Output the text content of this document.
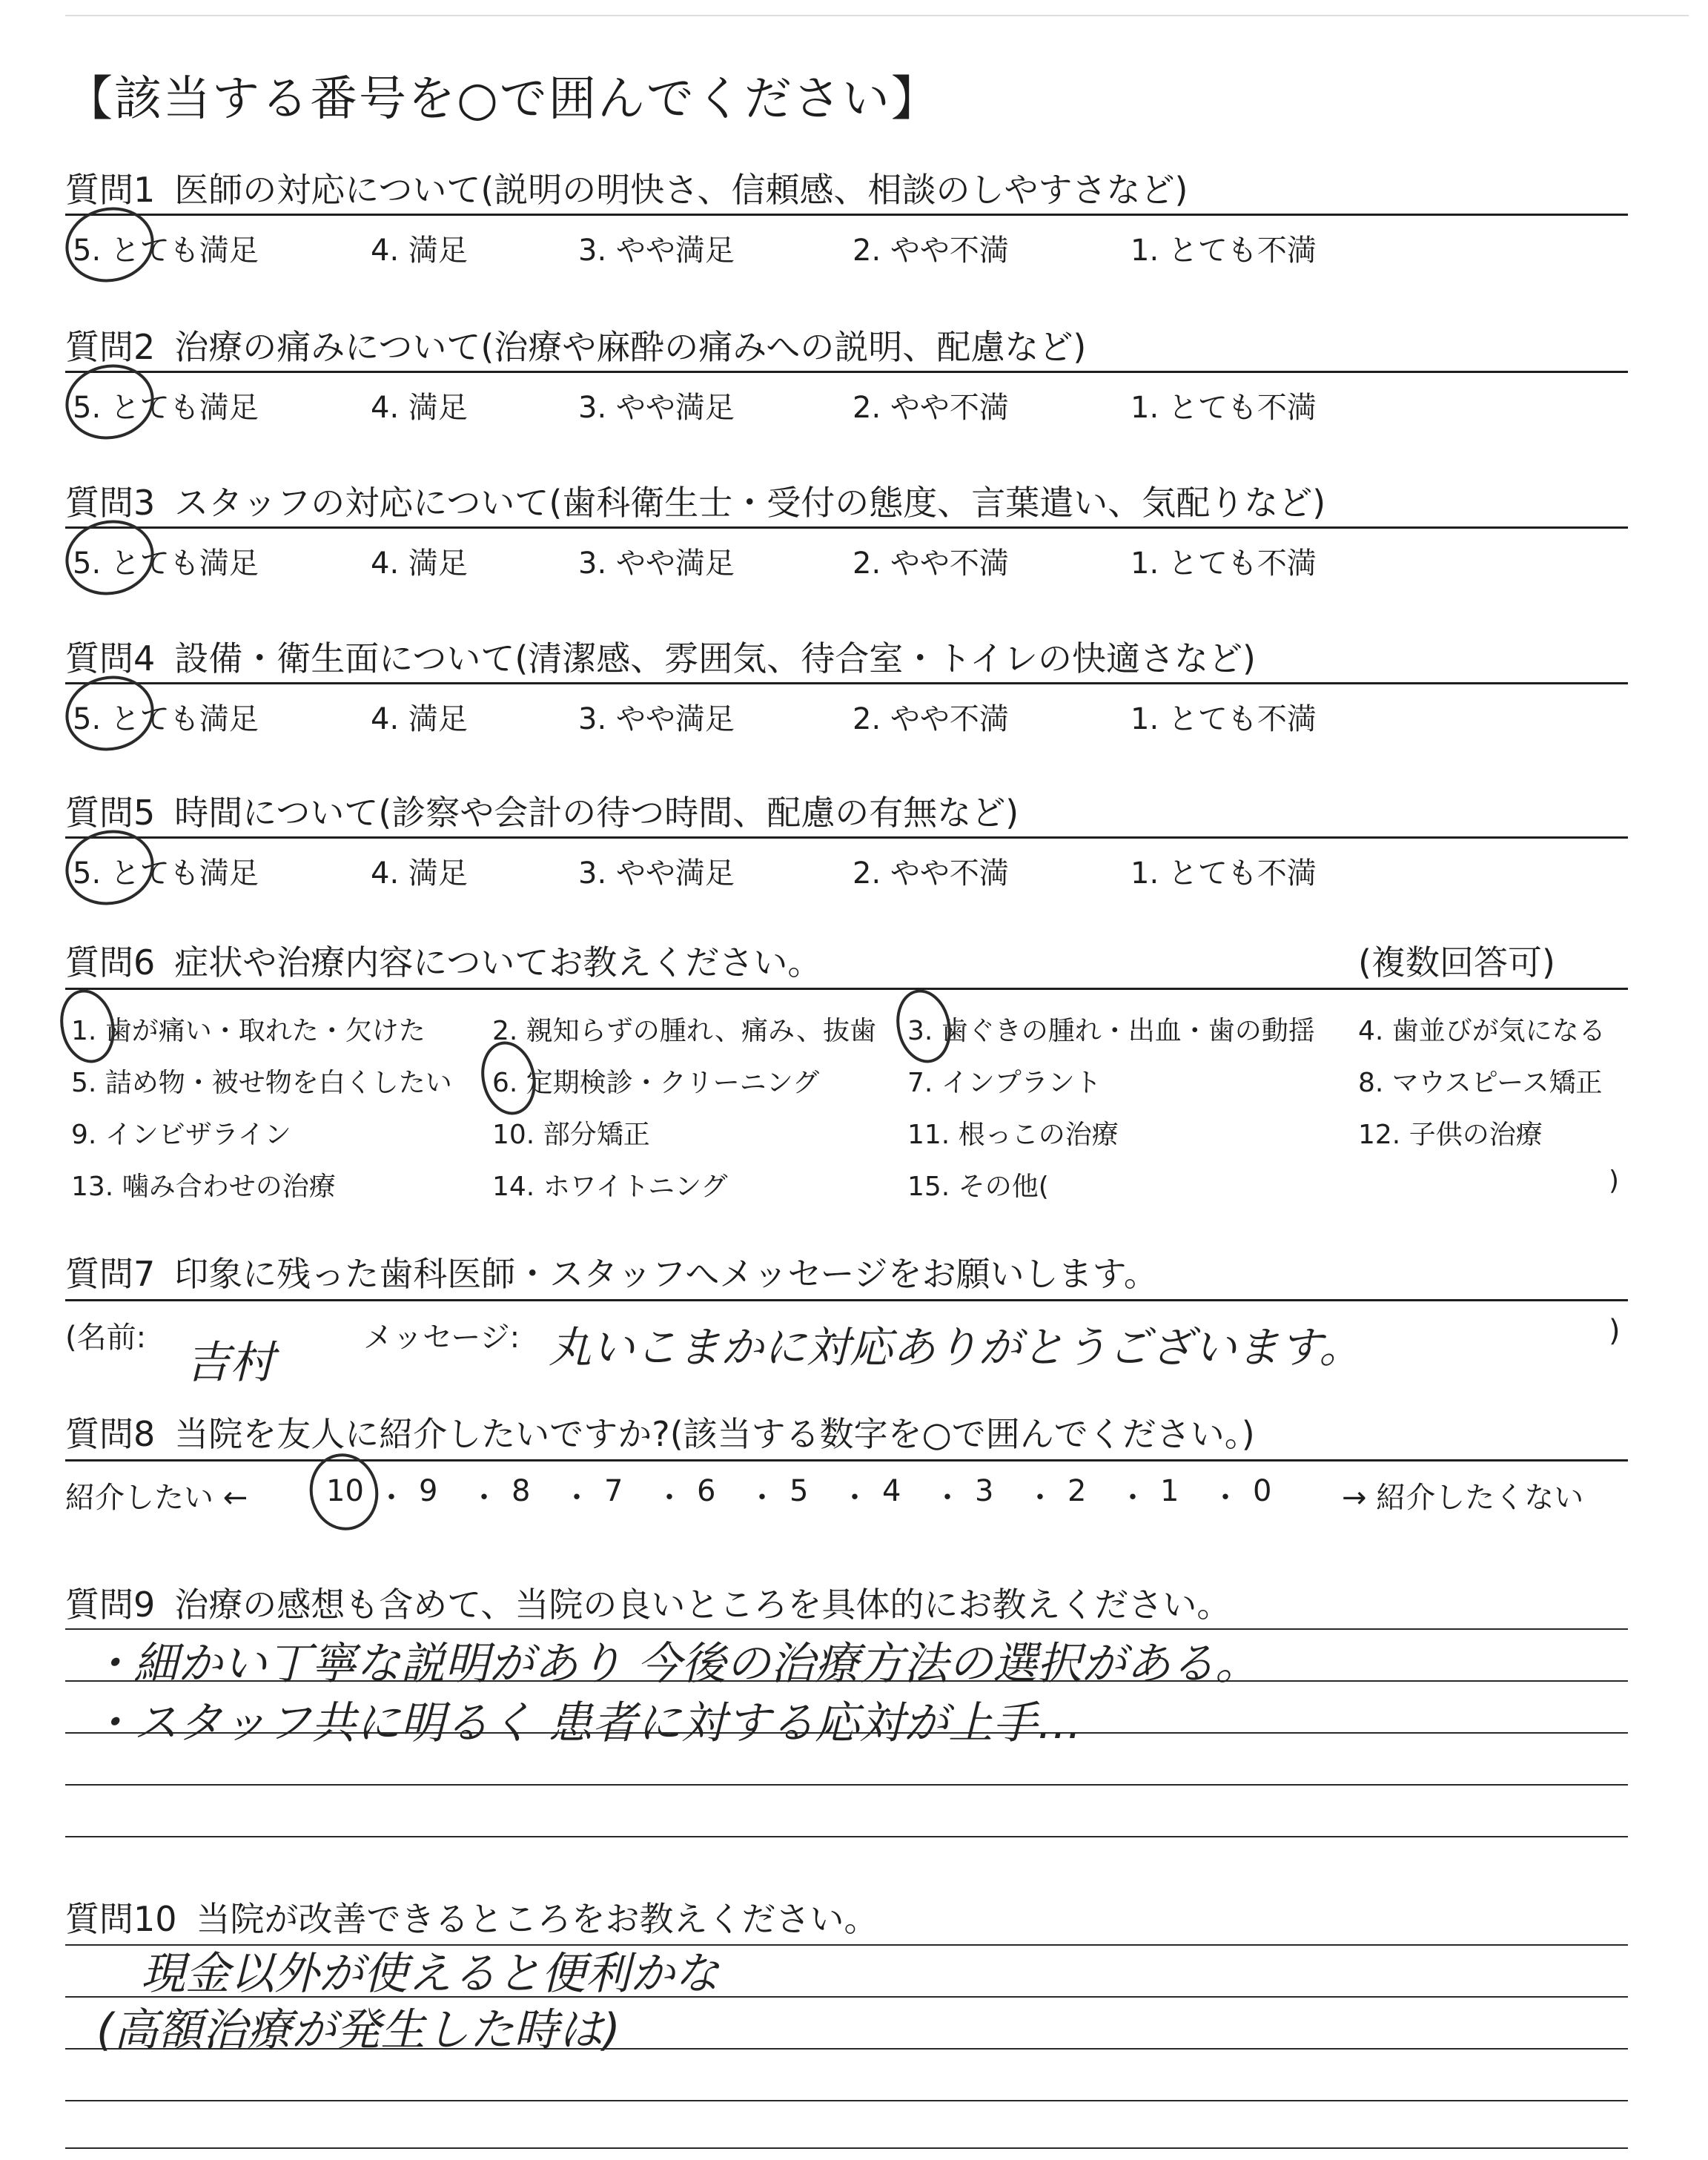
【該当する番号を○で囲んでください】
質問1 医師の対応について(説明の明快さ、信頼感、相談のしやすさなど)
5. とても満足	4. 満足	3. やや満足	2. やや不満	1. とても不満
質問2 治療の痛みについて(治療や麻酔の痛みへの説明、配慮など)
5. とても満足	4. 満足	3. やや満足	2. やや不満	1. とても不満
質問3 スタッフの対応について(歯科衛生士・受付の態度、言葉遣い、気配りなど)
5. とても満足	4. 満足	3. やや満足	2. やや不満	1. とても不満
質問4 設備・衛生面について(清潔感、雰囲気、待合室・トイレの快適さなど)
5. とても満足	4. 満足	3. やや満足	2. やや不満	1. とても不満
質問5 時間について(診察や会計の待つ時間、配慮の有無など)
5. とても満足	4. 満足	3. やや満足	2. やや不満	1. とても不満
質問6 症状や治療内容についてお教えください。	(複数回答可)
1. 歯が痛い・取れた・欠けた	2. 親知らずの腫れ、痛み、抜歯 3. 歯ぐきの腫れ・出血・歯の動揺 4. 歯並びが気になる
5. 詰め物・被せ物を白くしたい 6. 定期検診・クリーニング	7. インプラント	8. マウスピース矯正
9. インビザライン	10. 部分矯正	11. 根っこの治療	12. 子供の治療
13. 噛み合わせの治療	14. ホワイトニング	15. その他(	)
質問7 印象に残った歯科医師・スタッフへメッセージをお願いします。
(名前: 吉村	メッセージ: 丸いこまかに対応ありがとうございます。	)
質問8 当院を友人に紹介したいですか?(該当する数字を○で囲んでください。)
紹介したい ←	10 ・ 9 ・ 8 ・ 7 ・ 6 ・ 5 ・ 4 ・ 3 ・ 2 ・ 1 ・ 0 → 紹介したくない
質問9 治療の感想も含めて、当院の良いところを具体的にお教えください。
・細かい丁寧な説明があり 今後の治療方法の選択がある。
・スタッフ共に明るく 患者に対する応対が上手…
質問10 当院が改善できるところをお教えください。
現金以外が使えると便利かな
(高額治療が発生した時は)
